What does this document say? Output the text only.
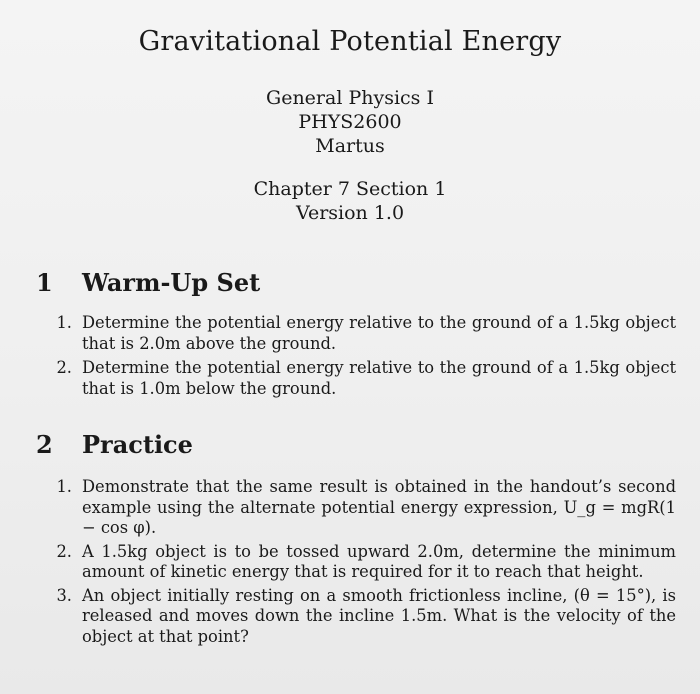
Gravitational Potential Energy
General Physics I
PHYS2600
Martus
Chapter 7 Section 1
Version 1.0
1	Warm-Up Set
1. Determine the potential energy relative to the ground of a 1.5kg object that is 2.0m above the ground.
2. Determine the potential energy relative to the ground of a 1.5kg object that is 1.0m below the ground.
2	Practice
1. Demonstrate that the same result is obtained in the handout’s second example using the alternate potential energy expression, U_g = mgR(1 − cos φ).
2. A 1.5kg object is to be tossed upward 2.0m, determine the minimum amount of kinetic energy that is required for it to reach that height.
3. An object initially resting on a smooth frictionless incline, (θ = 15°), is released and moves down the incline 1.5m. What is the velocity of the object at that point?
